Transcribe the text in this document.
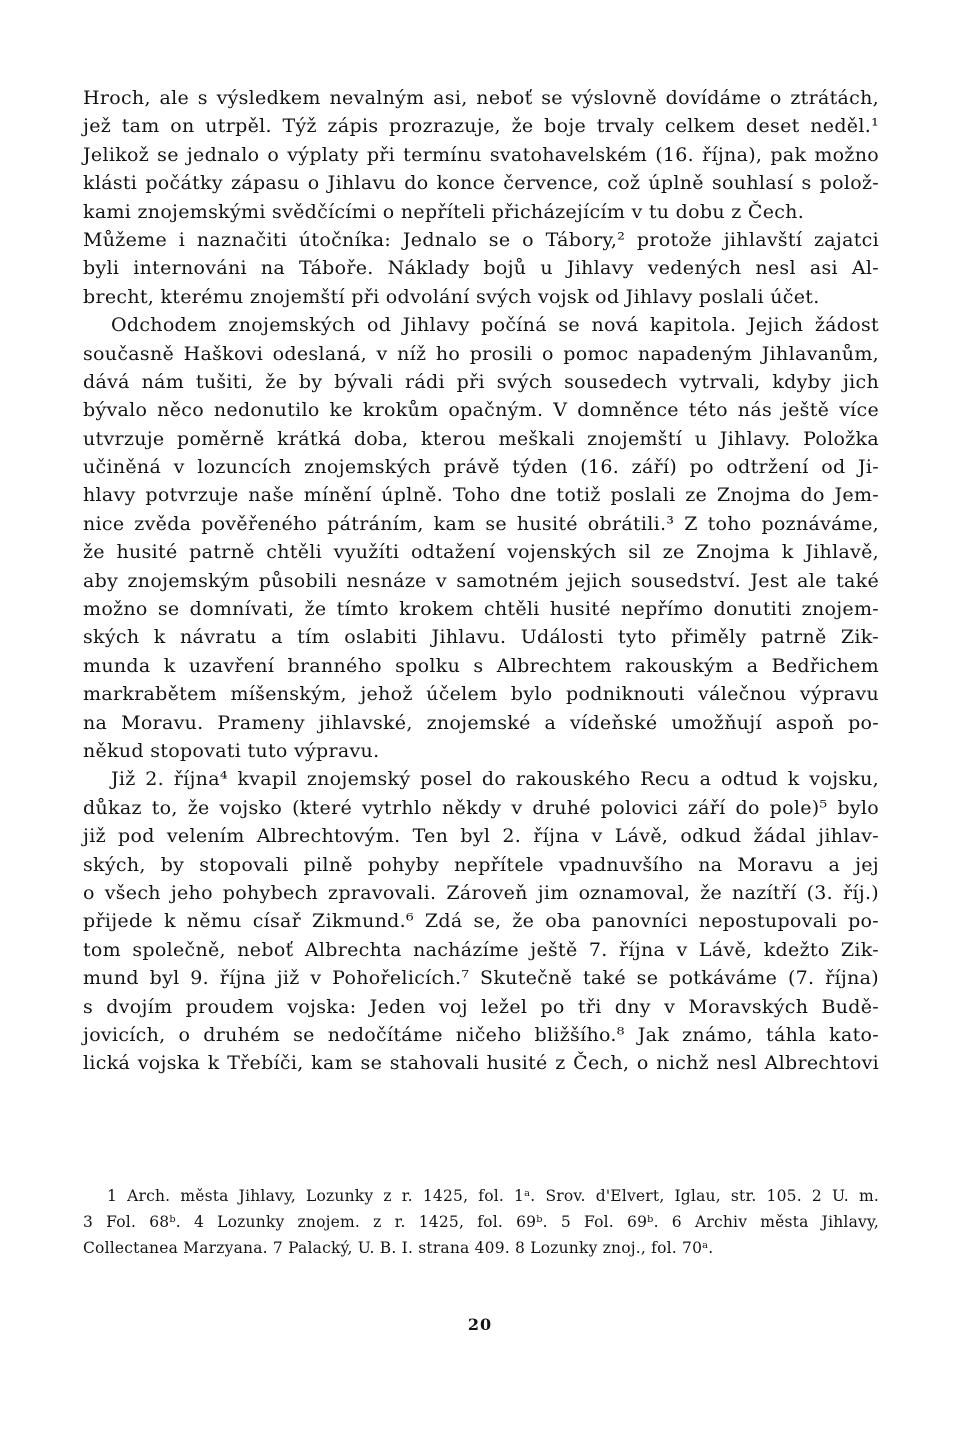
Hroch, ale s výsledkem nevalným asi, neboť se výslovně dovídáme o ztrátách,
jež tam on utrpěl. Týž zápis prozrazuje, že boje trvaly celkem deset neděl.¹
Jelikož se jednalo o výplaty při termínu svatohavelském (16. října), pak možno
klásti počátky zápasu o Jihlavu do konce července, což úplně souhlasí s polož-
kami znojemskými svědčícími o nepříteli přicházejícím v tu dobu z Čech.
Můžeme i naznačiti útočníka: Jednalo se o Tábory,² protože jihlavští zajatci
byli internováni na Táboře. Náklady bojů u Jihlavy vedených nesl asi Al-
brecht, kterému znojemští při odvolání svých vojsk od Jihlavy poslali účet.
Odchodem znojemských od Jihlavy počíná se nová kapitola. Jejich žádost
současně Haškovi odeslaná, v níž ho prosili o pomoc napadeným Jihlavanům,
dává nám tušiti, že by bývali rádi při svých sousedech vytrvali, kdyby jich
bývalo něco nedonutilo ke krokům opačným. V domněnce této nás ještě více
utvrzuje poměrně krátká doba, kterou meškali znojemští u Jihlavy. Položka
učiněná v lozuncích znojemských právě týden (16. září) po odtržení od Ji-
hlavy potvrzuje naše mínění úplně. Toho dne totiž poslali ze Znojma do Jem-
nice zvěda pověřeného pátráním, kam se husité obrátili.³ Z toho poznáváme,
že husité patrně chtěli využíti odtažení vojenských sil ze Znojma k Jihlavě,
aby znojemským působili nesnáze v samotném jejich sousedství. Jest ale také
možno se domnívati, že tímto krokem chtěli husité nepřímo donutiti znojem-
ských k návratu a tím oslabiti Jihlavu. Události tyto přiměly patrně Zik-
munda k uzavření branného spolku s Albrechtem rakouským a Bedřichem
markrabětem míšenským, jehož účelem bylo podniknouti válečnou výpravu
na Moravu. Prameny jihlavské, znojemské a vídeňské umožňují aspoň po-
někud stopovati tuto výpravu.
Již 2. října⁴ kvapil znojemský posel do rakouského Recu a odtud k vojsku,
důkaz to, že vojsko (které vytrhlo někdy v druhé polovici září do pole)⁵ bylo
již pod velením Albrechtovým. Ten byl 2. října v Lávě, odkud žádal jihlav-
ských, by stopovali pilně pohyby nepřítele vpadnuvšího na Moravu a jej
o všech jeho pohybech zpravovali. Zároveň jim oznamoval, že nazítří (3. říj.)
přijede k němu císař Zikmund.⁶ Zdá se, že oba panovníci nepostupovali po-
tom společně, neboť Albrechta nacházíme ještě 7. října v Lávě, kdežto Zik-
mund byl 9. října již v Pohořelicích.⁷ Skutečně také se potkáváme (7. října)
s dvojím proudem vojska: Jeden voj ležel po tři dny v Moravských Budě-
jovicích, o druhém se nedočítáme ničeho bližšího.⁸ Jak známo, táhla kato-
lická vojska k Třebíči, kam se stahovali husité z Čech, o nichž nesl Albrechtovi
1 Arch. města Jihlavy, Lozunky z r. 1425, fol. 1ᵃ. Srov. d'Elvert, Iglau, str. 105. 2 U. m.
3 Fol. 68ᵇ. 4 Lozunky znojem. z r. 1425, fol. 69ᵇ. 5 Fol. 69ᵇ. 6 Archiv města Jihlavy,
Collectanea Marzyana. 7 Palacký, U. B. I. strana 409. 8 Lozunky znoj., fol. 70ᵃ.
20
